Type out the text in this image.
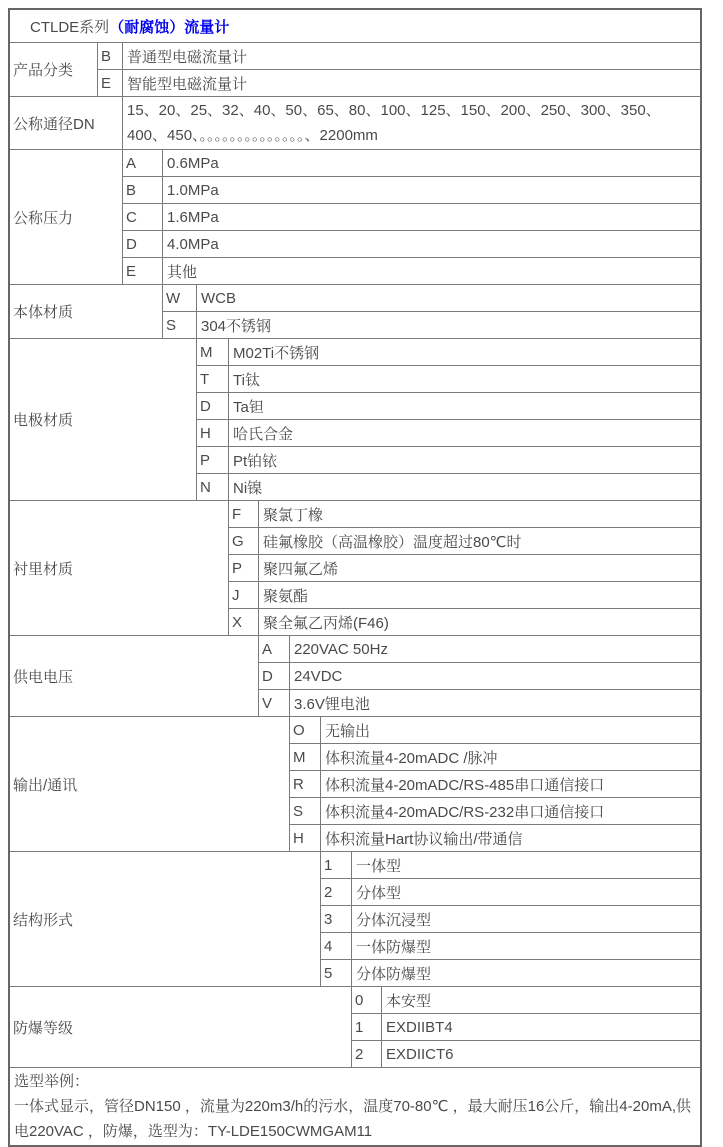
CTLDE系列 （耐腐蚀）流量计
产品分类
B	普通型电磁流量计
E	智能型电磁流量计
公称通径DN
15、20、25、32、40、50、65、80、100、125、150、200、250、300、350、400、450、。。。。。。。。。。。。。。、2200mm
公称压力
A	0.6MPa
B	1.0MPa
C	1.6MPa
D	4.0MPa
E	其他
本体材质
W	WCB
S	304不锈钢
电极材质
M	M02Ti不锈钢
T	Ti钛
D	Ta钽
H	哈氏合金
P	Pt铂铱
N	Ni镍
衬里材质
F	聚氯丁橡
G	硅氟橡胶（高温橡胶）温度超过80℃时
P	聚四氟乙烯
J	聚氨酯
X	聚全氟乙丙烯(F46)
供电电压
A	220VAC 50Hz
D	24VDC
V	3.6V锂电池
输出/通讯
O	无输出
M	体积流量4-20mADC /脉冲
R	体积流量4-20mADC/RS-485串口通信接口
S	体积流量4-20mADC/RS-232串口通信接口
H	体积流量Hart协议输出/带通信
结构形式
1	一体型
2	分体型
3	分体沉浸型
4	一体防爆型
5	分体防爆型
防爆等级
0	本安型
1	EXDIIBT4
2	EXDIICT6
选型举例：
一体式显示，管径DN150 ，流量为220m3/h的污水，温度70-80℃ ，最大耐压16公斤，输出4-20mA,供电220VAC ，防爆，选型为：TY-LDE150CWMGAM11
